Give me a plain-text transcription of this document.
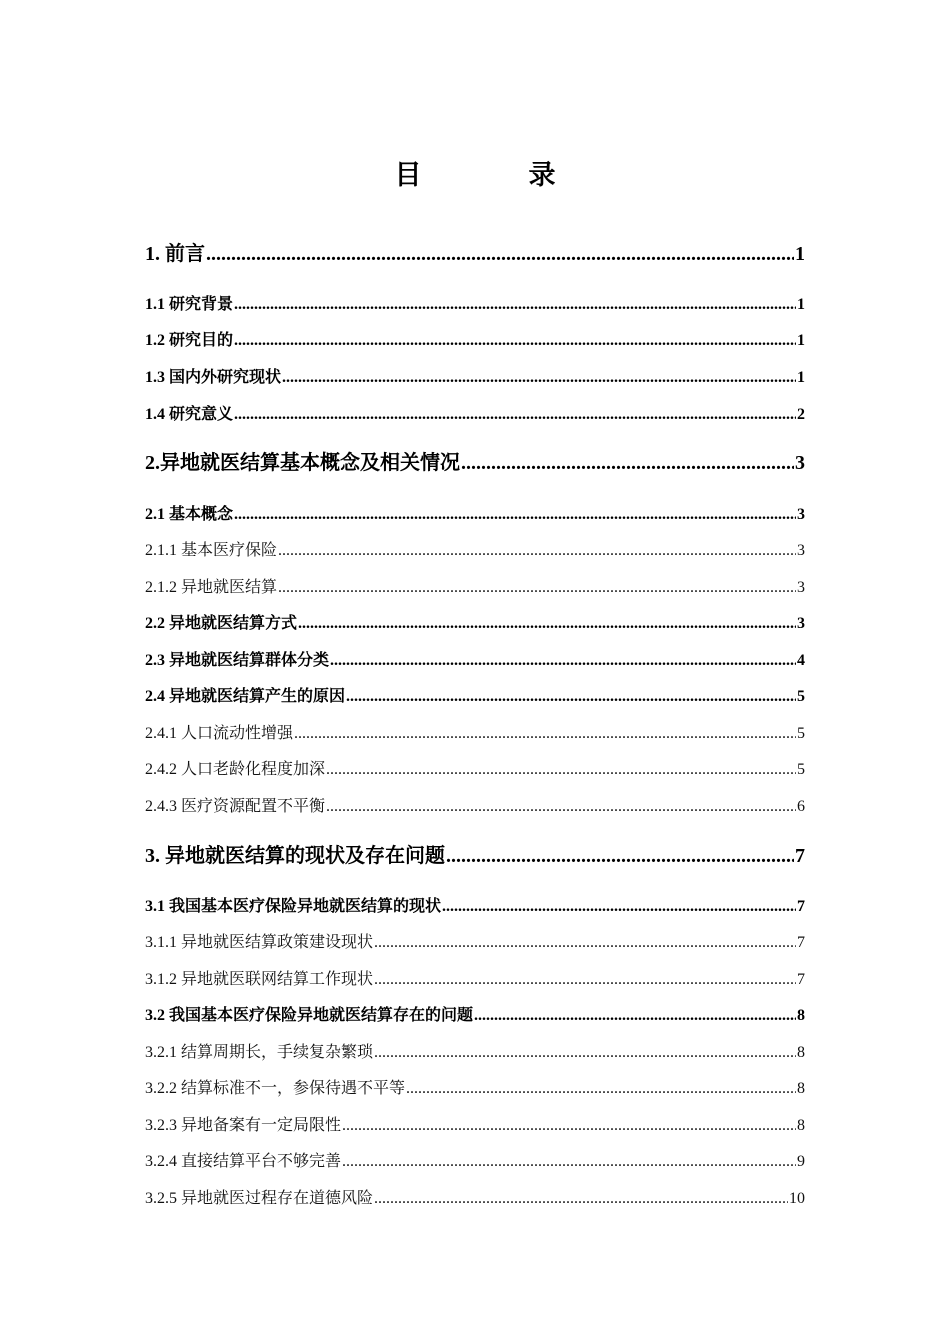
目　录
1. 前言 .....	1
1.1 研究背景 .....	1
1.2 研究目的 .....	1
1.3 国内外研究现状 .....	1
1.4 研究意义 .....	2
2.异地就医结算基本概念及相关情况 .....	3
2.1 基本概念 .....	3
2.1.1 基本医疗保险 .....	3
2.1.2 异地就医结算 .....	3
2.2 异地就医结算方式 .....	3
2.3 异地就医结算群体分类 .....	4
2.4 异地就医结算产生的原因 .....	5
2.4.1 人口流动性增强 .....	5
2.4.2 人口老龄化程度加深 .....	5
2.4.3 医疗资源配置不平衡 .....	6
3. 异地就医结算的现状及存在问题 .....	7
3.1 我国基本医疗保险异地就医结算的现状 .....	7
3.1.1 异地就医结算政策建设现状 .....	7
3.1.2 异地就医联网结算工作现状 .....	7
3.2 我国基本医疗保险异地就医结算存在的问题 .....	8
3.2.1 结算周期长，手续复杂繁琐 .....	8
3.2.2 结算标准不一，参保待遇不平等 .....	8
3.2.3 异地备案有一定局限性 .....	8
3.2.4 直接结算平台不够完善 .....	9
3.2.5 异地就医过程存在道德风险 .....	10
